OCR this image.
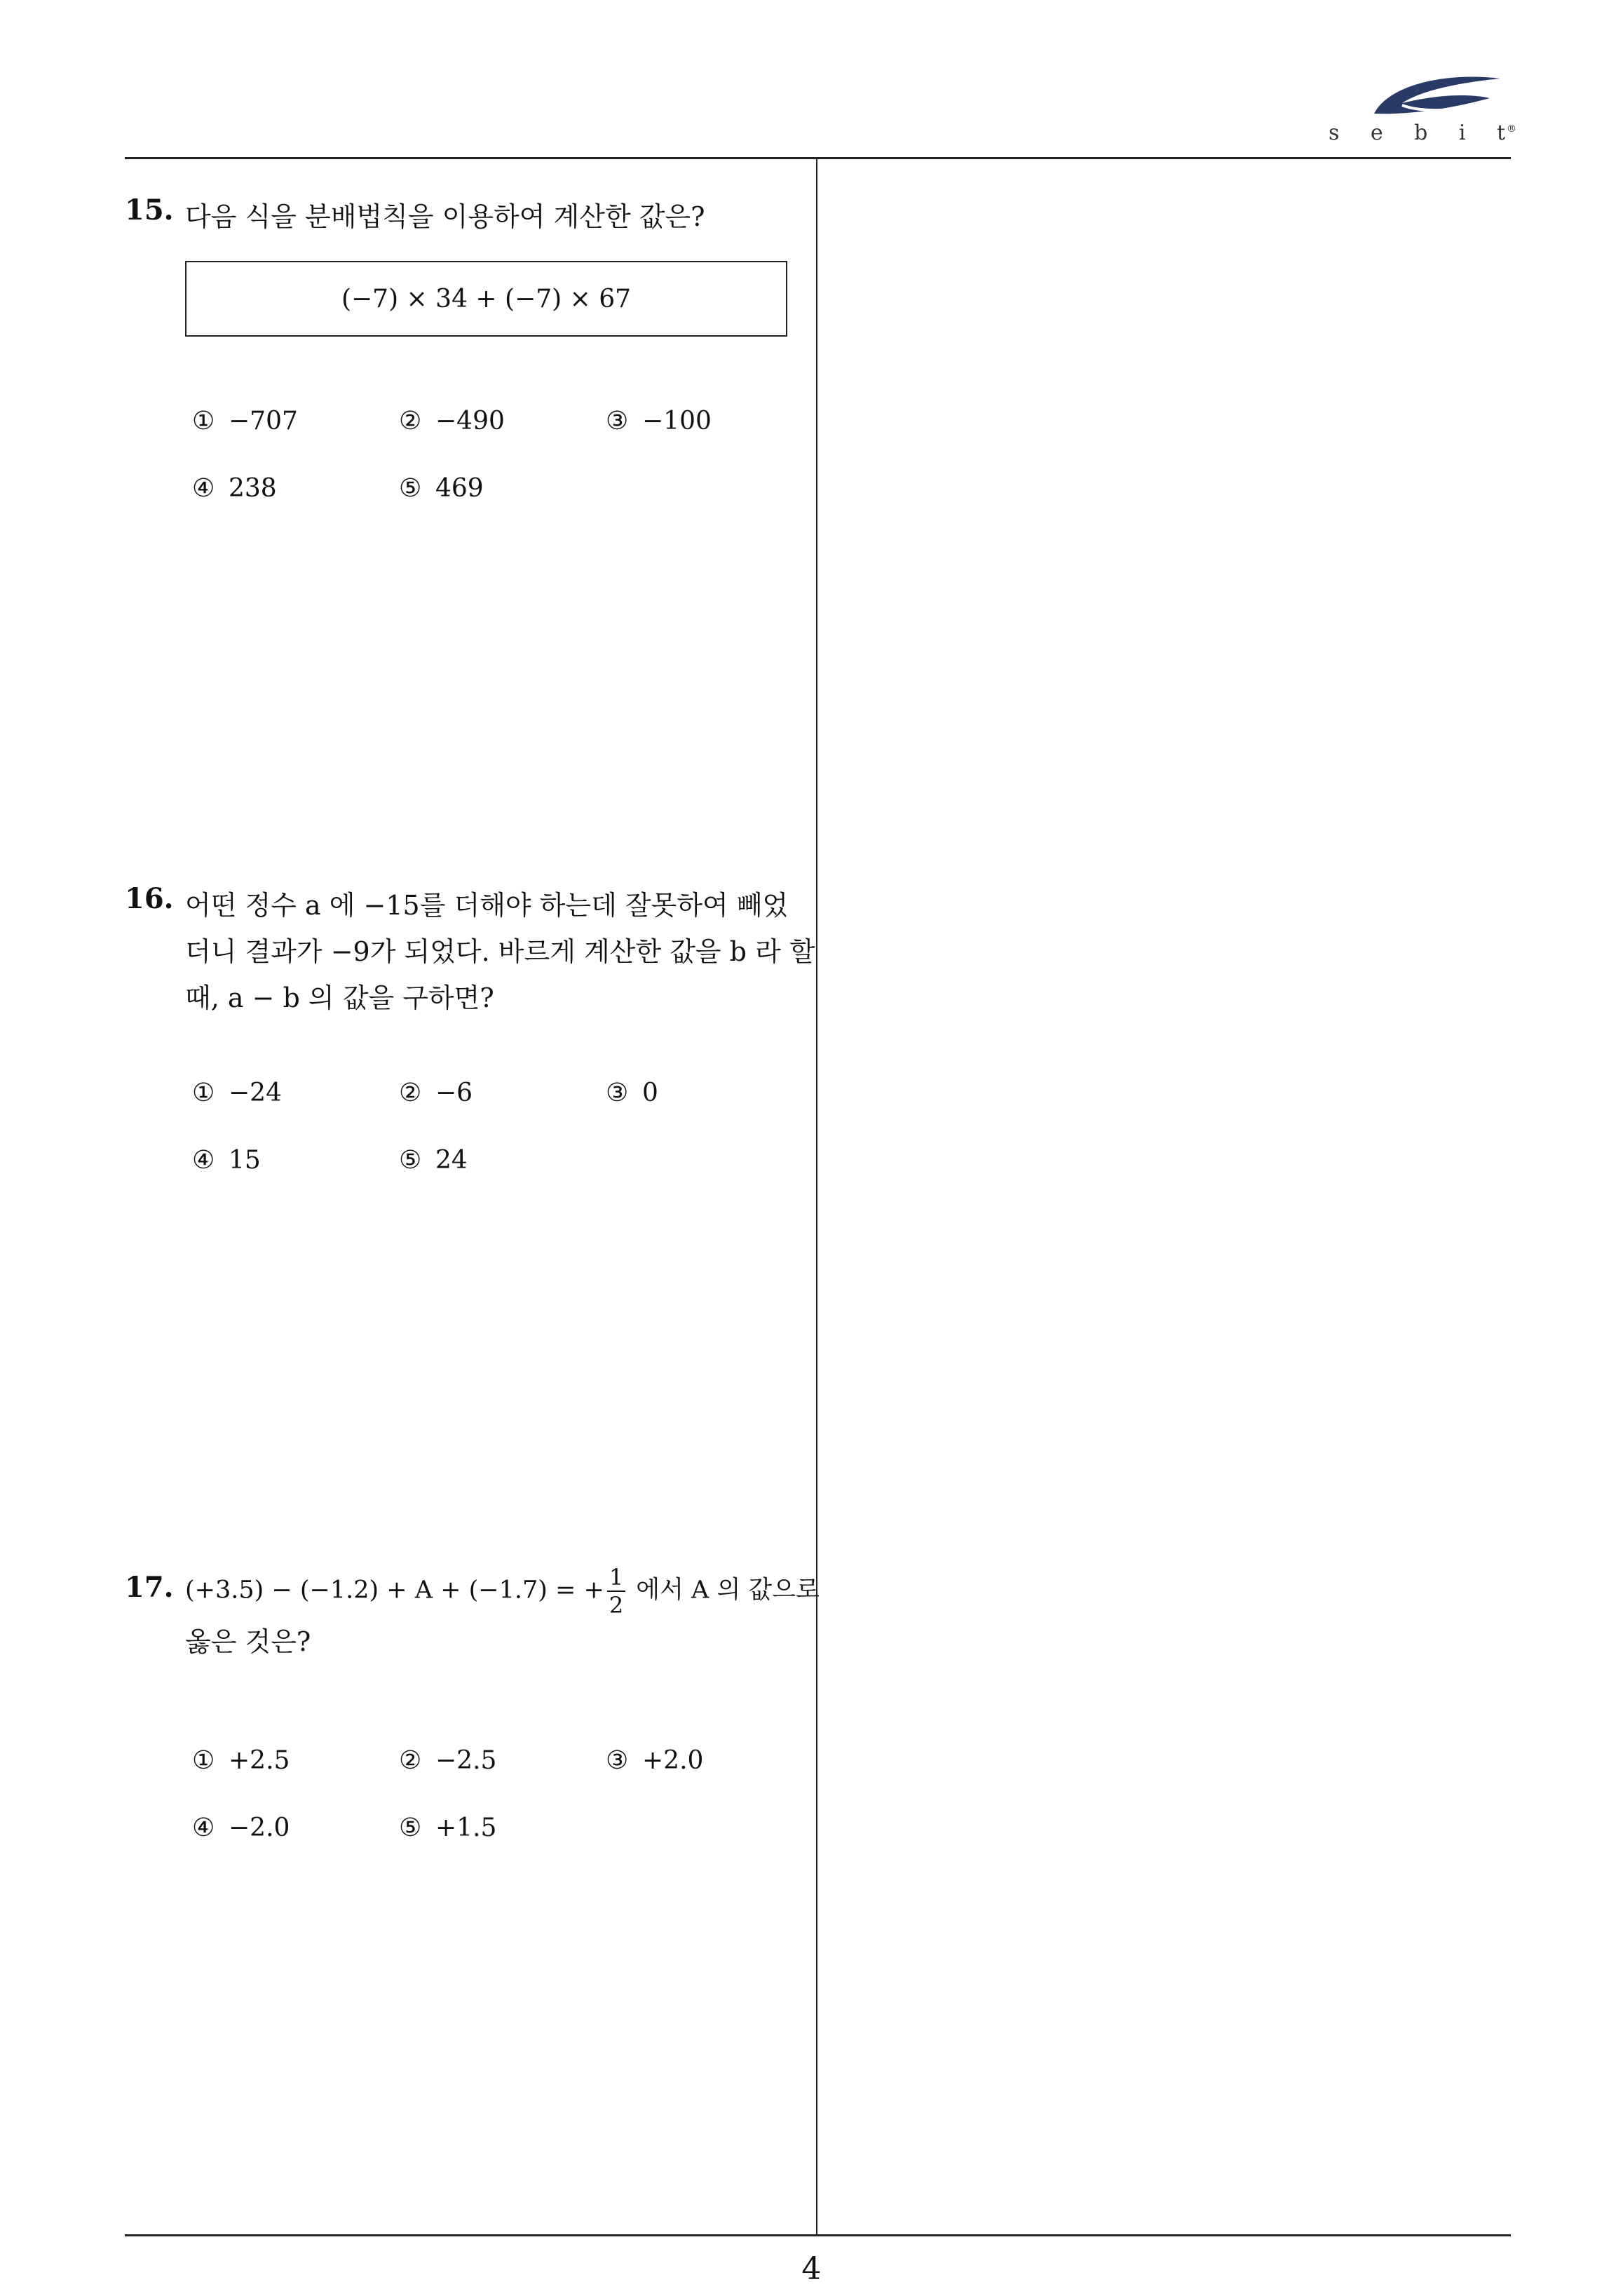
s e b i t®
15. 다음 식을 분배법칙을 이용하여 계산한 값은?
(−7) × 34 + (−7) × 67
① −707	② −490	③ −100
④ 238	⑤ 469
16. 어떤 정수 a 에 −15를 더해야 하는데 잘못하여 빼었
더니 결과가 −9가 되었다. 바르게 계산한 값을 b 라 할
때, a − b 의 값을 구하면?
① −24	② −6	③ 0
④ 15	⑤ 24
17. (+3.5) − (−1.2) + A + (−1.7) = + $\frac{1}{2}$ 에서 A 의 값으로
옳은 것은?
① +2.5	② −2.5	③ +2.0
④ −2.0	⑤ +1.5
4
